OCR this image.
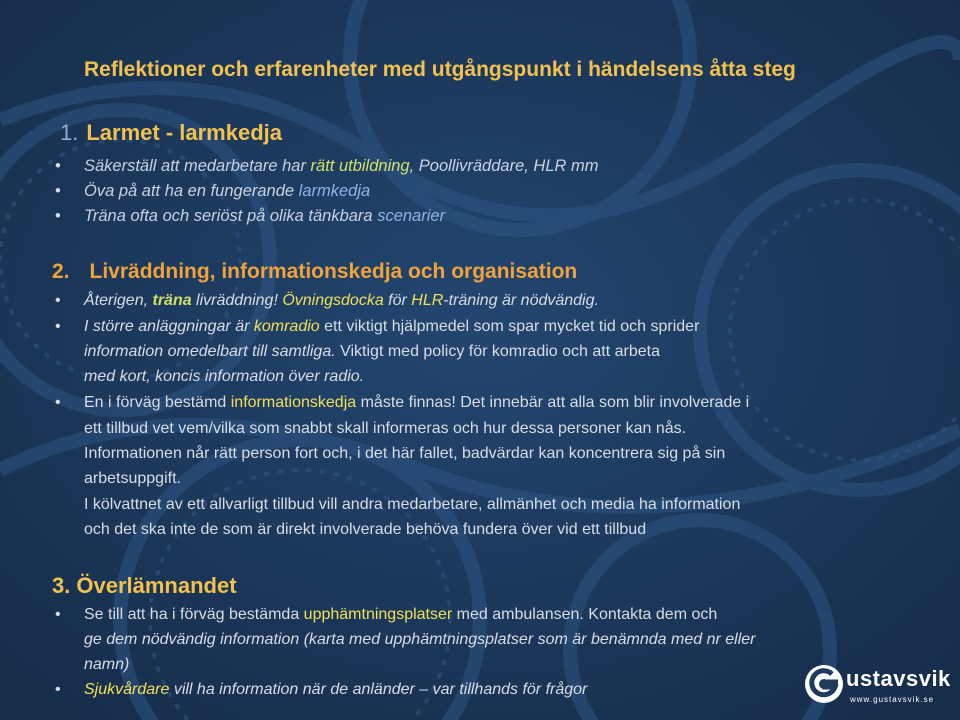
Reflektioner och erfarenheter med utgångspunkt i händelsens åtta steg
1. Larmet - larmkedja

• Säkerställ att medarbetare har rätt utbildning, Poollivräddare, HLR mm

• Öva på att ha en fungerande larmkedja

• Träna ofta och seriöst på olika tänkbara scenarier

2. Livräddning, informationskedja och organisation

• Återigen, träna livräddning! Övningsdocka för HLR-träning är nödvändig.

• I större anläggningar är komradio ett viktigt hjälpmedel som spar mycket tid och sprider

information omedelbart till samtliga. Viktigt med policy för komradio och att arbeta

med kort, koncis information över radio.

• En i förväg bestämd informationskedja måste finnas! Det innebär att alla som blir involverade i

ett tillbud vet vem/vilka som snabbt skall informeras och hur dessa personer kan nås.

Informationen når rätt person fort och, i det här fallet, badvärdar kan koncentrera sig på sin

arbetsuppgift.

I kölvattnet av ett allvarligt tillbud vill andra medarbetare, allmänhet och media ha information

och det ska inte de som är direkt involverade behöva fundera över vid ett tillbud

3. Överlämnandet

• Se till att ha i förväg bestämda upphämtningsplatser med ambulansen. Kontakta dem och

ge dem nödvändig information (karta med upphämtningsplatser som är benämnda med nr eller

namn)

• Sjukvårdare vill ha information när de anländer – var tillhands för frågor	ustavsvik
www.gustavsvik.se
